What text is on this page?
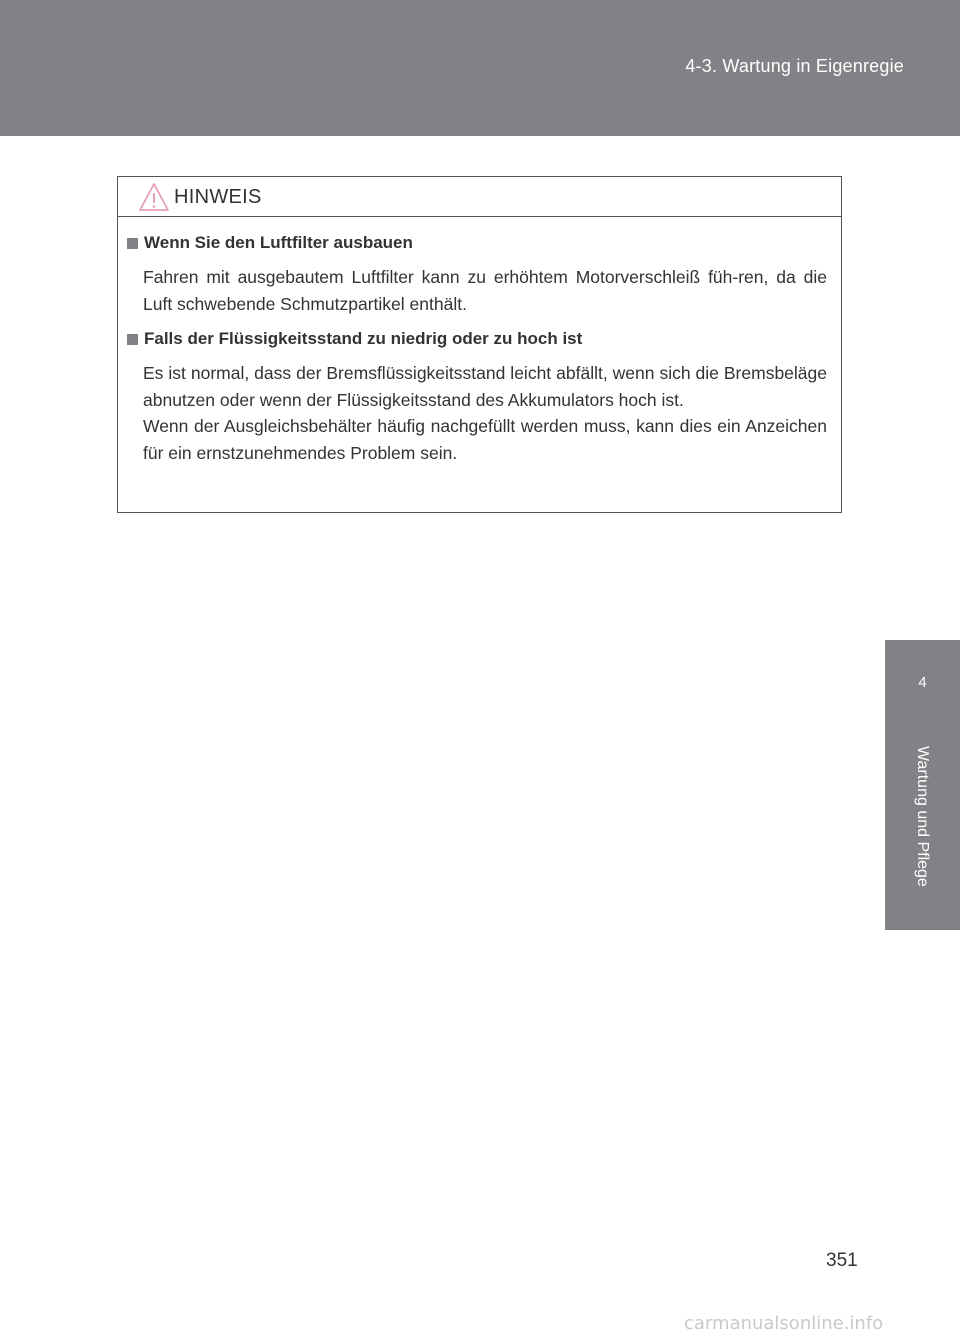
4-3. Wartung in Eigenregie
4
Wartung und Pflege
HINWEIS
Wenn Sie den Luftfilter ausbauen

Fahren mit ausgebautem Luftfilter kann zu erhöhtem Motorverschleiß füh-ren, da die Luft schwebende Schmutzpartikel enthält.

Falls der Flüssigkeitsstand zu niedrig oder zu hoch ist

Es ist normal, dass der Bremsflüssigkeitsstand leicht abfällt, wenn sich die Bremsbeläge abnutzen oder wenn der Flüssigkeitsstand des Akkumulators hoch ist.

Wenn der Ausgleichsbehälter häufig nachgefüllt werden muss, kann dies ein Anzeichen für ein ernstzunehmendes Problem sein.

351
carmanualsonline.info
